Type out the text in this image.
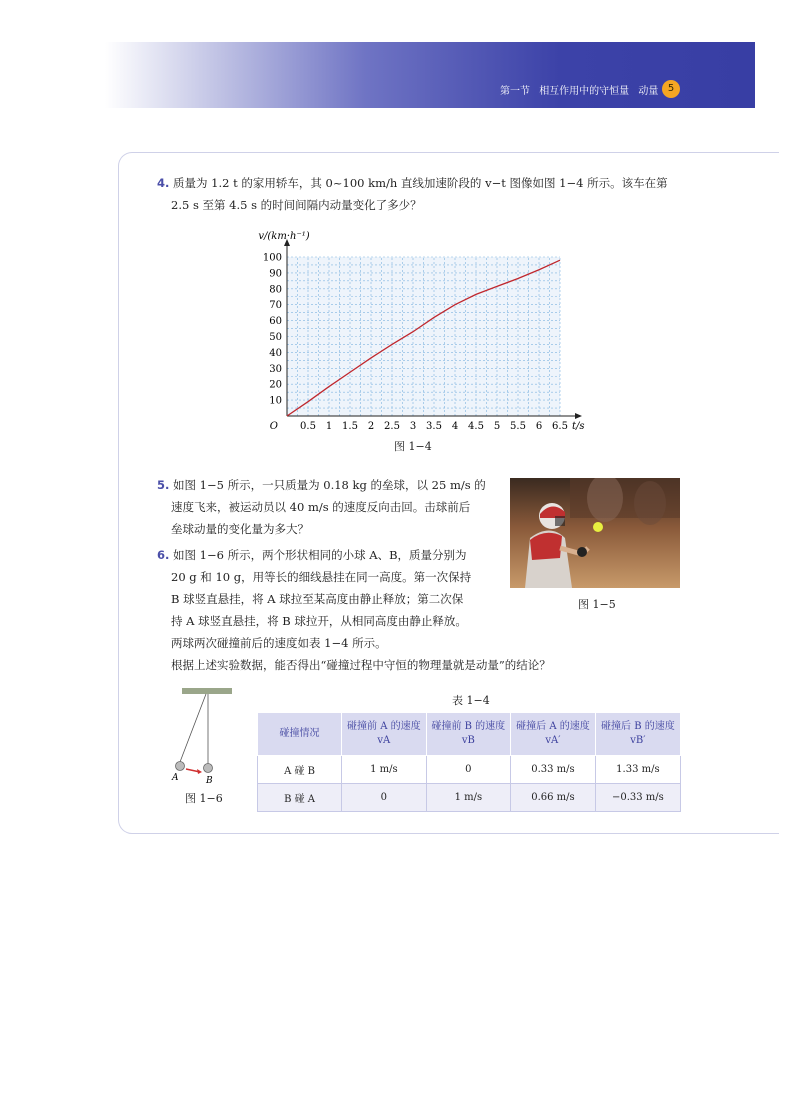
第一节 相互作用中的守恒量 动量 5

4. 质量为 1.2 t 的家用轿车，其 0~100 km/h 直线加速阶段的 v−t 图像如图 1−4 所示。该车在第

2.5 s 至第 4.5 s 的时间间隔内动量变化了多少？

0.5 1 1.5 2 2.5 3 3.5 4 4.5 5 5.5 6 6.5
10
20
30
40
50
60
70
80
90
100
O	t/s
v/(km·h⁻¹)
图 1−4

5. 如图 1−5 所示，一只质量为 0.18 kg 的垒球，以 25 m/s 的

速度飞来，被运动员以 40 m/s 的速度反向击回。击球前后

垒球动量的变化量为多大？

图 1−5

6. 如图 1−6 所示，两个形状相同的小球 A、B，质量分别为

20 g 和 10 g，用等长的细线悬挂在同一高度。第一次保持

B 球竖直悬挂，将 A 球拉至某高度由静止释放；第二次保

持 A 球竖直悬挂，将 B 球拉开，从相同高度由静止释放。

两球两次碰撞前后的速度如表 1−4 所示。

根据上述实验数据，能否得出“碰撞过程中守恒的物理量就是动量”的结论？

A	B
图 1−6
表 1−4
碰撞情况	碰撞前 A 的速度 vA	碰撞前 B 的速度 vB	碰撞后 A 的速度 vA′	碰撞后 B 的速度 vB′
A 碰 B	1 m/s	0	0.33 m/s	1.33 m/s
B 碰 A	0	1 m/s	0.66 m/s	−0.33 m/s
